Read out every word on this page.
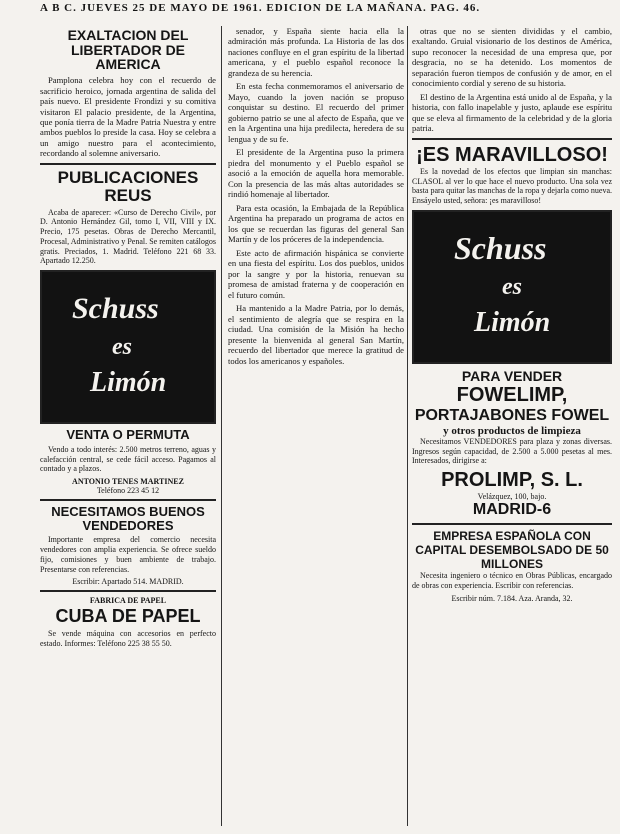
A B C. JUEVES 25 DE MAYO DE 1961. EDICION DE LA MAÑANA. PAG. 46.
EXALTACION DEL LIBERTADOR DE AMERICA

Pamplona celebra hoy con el recuerdo de sacrificio heroico, jornada argentina de salida del país nuevo. El presidente Frondizi y su comitiva visitaron El palacio presidente, de la Argentina, que ponía tierra de la Madre Patria Nuestra y entre ambos pueblos lo preside la casa. Hoy se celebra a un amigo nuestro para el acontecimiento, recordando al solemne aniversario.

PUBLICACIONES REUS

Acaba de aparecer: «Curso de Derecho Civil», por D. Antonio Hernández Gil, tomo I, VII, VIII y IX. Precio, 175 pesetas. Obras de Derecho Mercantil, Procesal, Administrativo y Penal. Se remiten catálogos gratis. Preciados, 1. Madrid. Teléfono 221 68 33. Apartado 12.250.

Schuss
es
Limón
VENTA O PERMUTA

Vendo a todo interés: 2.500 metros terreno, aguas y calefacción central, se cede fácil acceso. Pagamos al contado y a plazos.

ANTONIO TENES MARTINEZ
Teléfono 223 45 12
NECESITAMOS BUENOS VENDEDORES

Importante empresa del comercio necesita vendedores con amplia experiencia. Se ofrece sueldo fijo, comisiones y buen ambiente de trabajo. Presentarse con referencias.

Escribir: Apartado 514. MADRID.
FABRICA DE PAPEL
CUBA DE PAPEL

Se vende máquina con accesorios en perfecto estado. Informes: Teléfono 225 38 55 50.

senador, y España siente hacia ella la admiración más profunda. La Historia de las dos naciones confluye en el gran espíritu de la libertad americana, y el pueblo español reconoce la grandeza de su herencia.

En esta fecha conmemoramos el aniversario de Mayo, cuando la joven nación se propuso conquistar su destino. El recuerdo del primer gobierno patrio se une al afecto de España, que ve en la Argentina una hija predilecta, heredera de su lengua y de su fe.

El presidente de la Argentina puso la primera piedra del monumento y el Pueblo español se asoció a la emoción de aquella hora memorable. Con la presencia de las más altas autoridades se rindió homenaje al libertador.

Para esta ocasión, la Embajada de la República Argentina ha preparado un programa de actos en los que se recuerdan las figuras del general San Martín y de los próceres de la independencia.

Este acto de afirmación hispánica se convierte en una fiesta del espíritu. Los dos pueblos, unidos por la sangre y por la historia, renuevan su promesa de amistad fraterna y de cooperación en el futuro común.

Ha mantenido a la Madre Patria, por lo demás, el sentimiento de alegría que se respira en la ciudad. Una comisión de la Misión ha hecho presente la bienvenida al general San Martín, recuerdo del libertador que merece la gratitud de todos los americanos y españoles.

otras que no se sienten divididas y el cambio, exaltando. Gruial visionario de los destinos de América, supo reconocer la necesidad de una empresa que, por desgracia, no se ha detenido. Los momentos de separación fueron tiempos de confusión y de amor, en el conocimiento cordial y sereno de su historia.

El destino de la Argentina está unido al de España, y la historia, con fallo inapelable y justo, aplaude ese espíritu que se eleva al firmamento de la celebridad y de la gloria patria.

¡ES MARAVILLOSO!

Es la novedad de los efectos que limpian sin manchas: CLASOL al ver lo que hace el nuevo producto. Una sola vez basta para quitar las manchas de la ropa y dejarla como nueva. Ensáyelo usted, señora: ¡es maravilloso!

Schuss
es
Limón
PARA VENDER
FOWELIMP,
PORTAJABONES FOWEL
y otros productos de limpieza

Necesitamos VENDEDORES para plaza y zonas diversas. Ingresos según capacidad, de 2.500 a 5.000 pesetas al mes. Interesados, dirigirse a:

PROLIMP, S. L.
Velázquez, 100, bajo.
MADRID-6
EMPRESA ESPAÑOLA CON CAPITAL DESEMBOLSADO DE 50 MILLONES

Necesita ingeniero o técnico en Obras Públicas, encargado de obras con experiencia. Escribir con referencias.

Escribir núm. 7.184. Aza. Aranda, 32.
